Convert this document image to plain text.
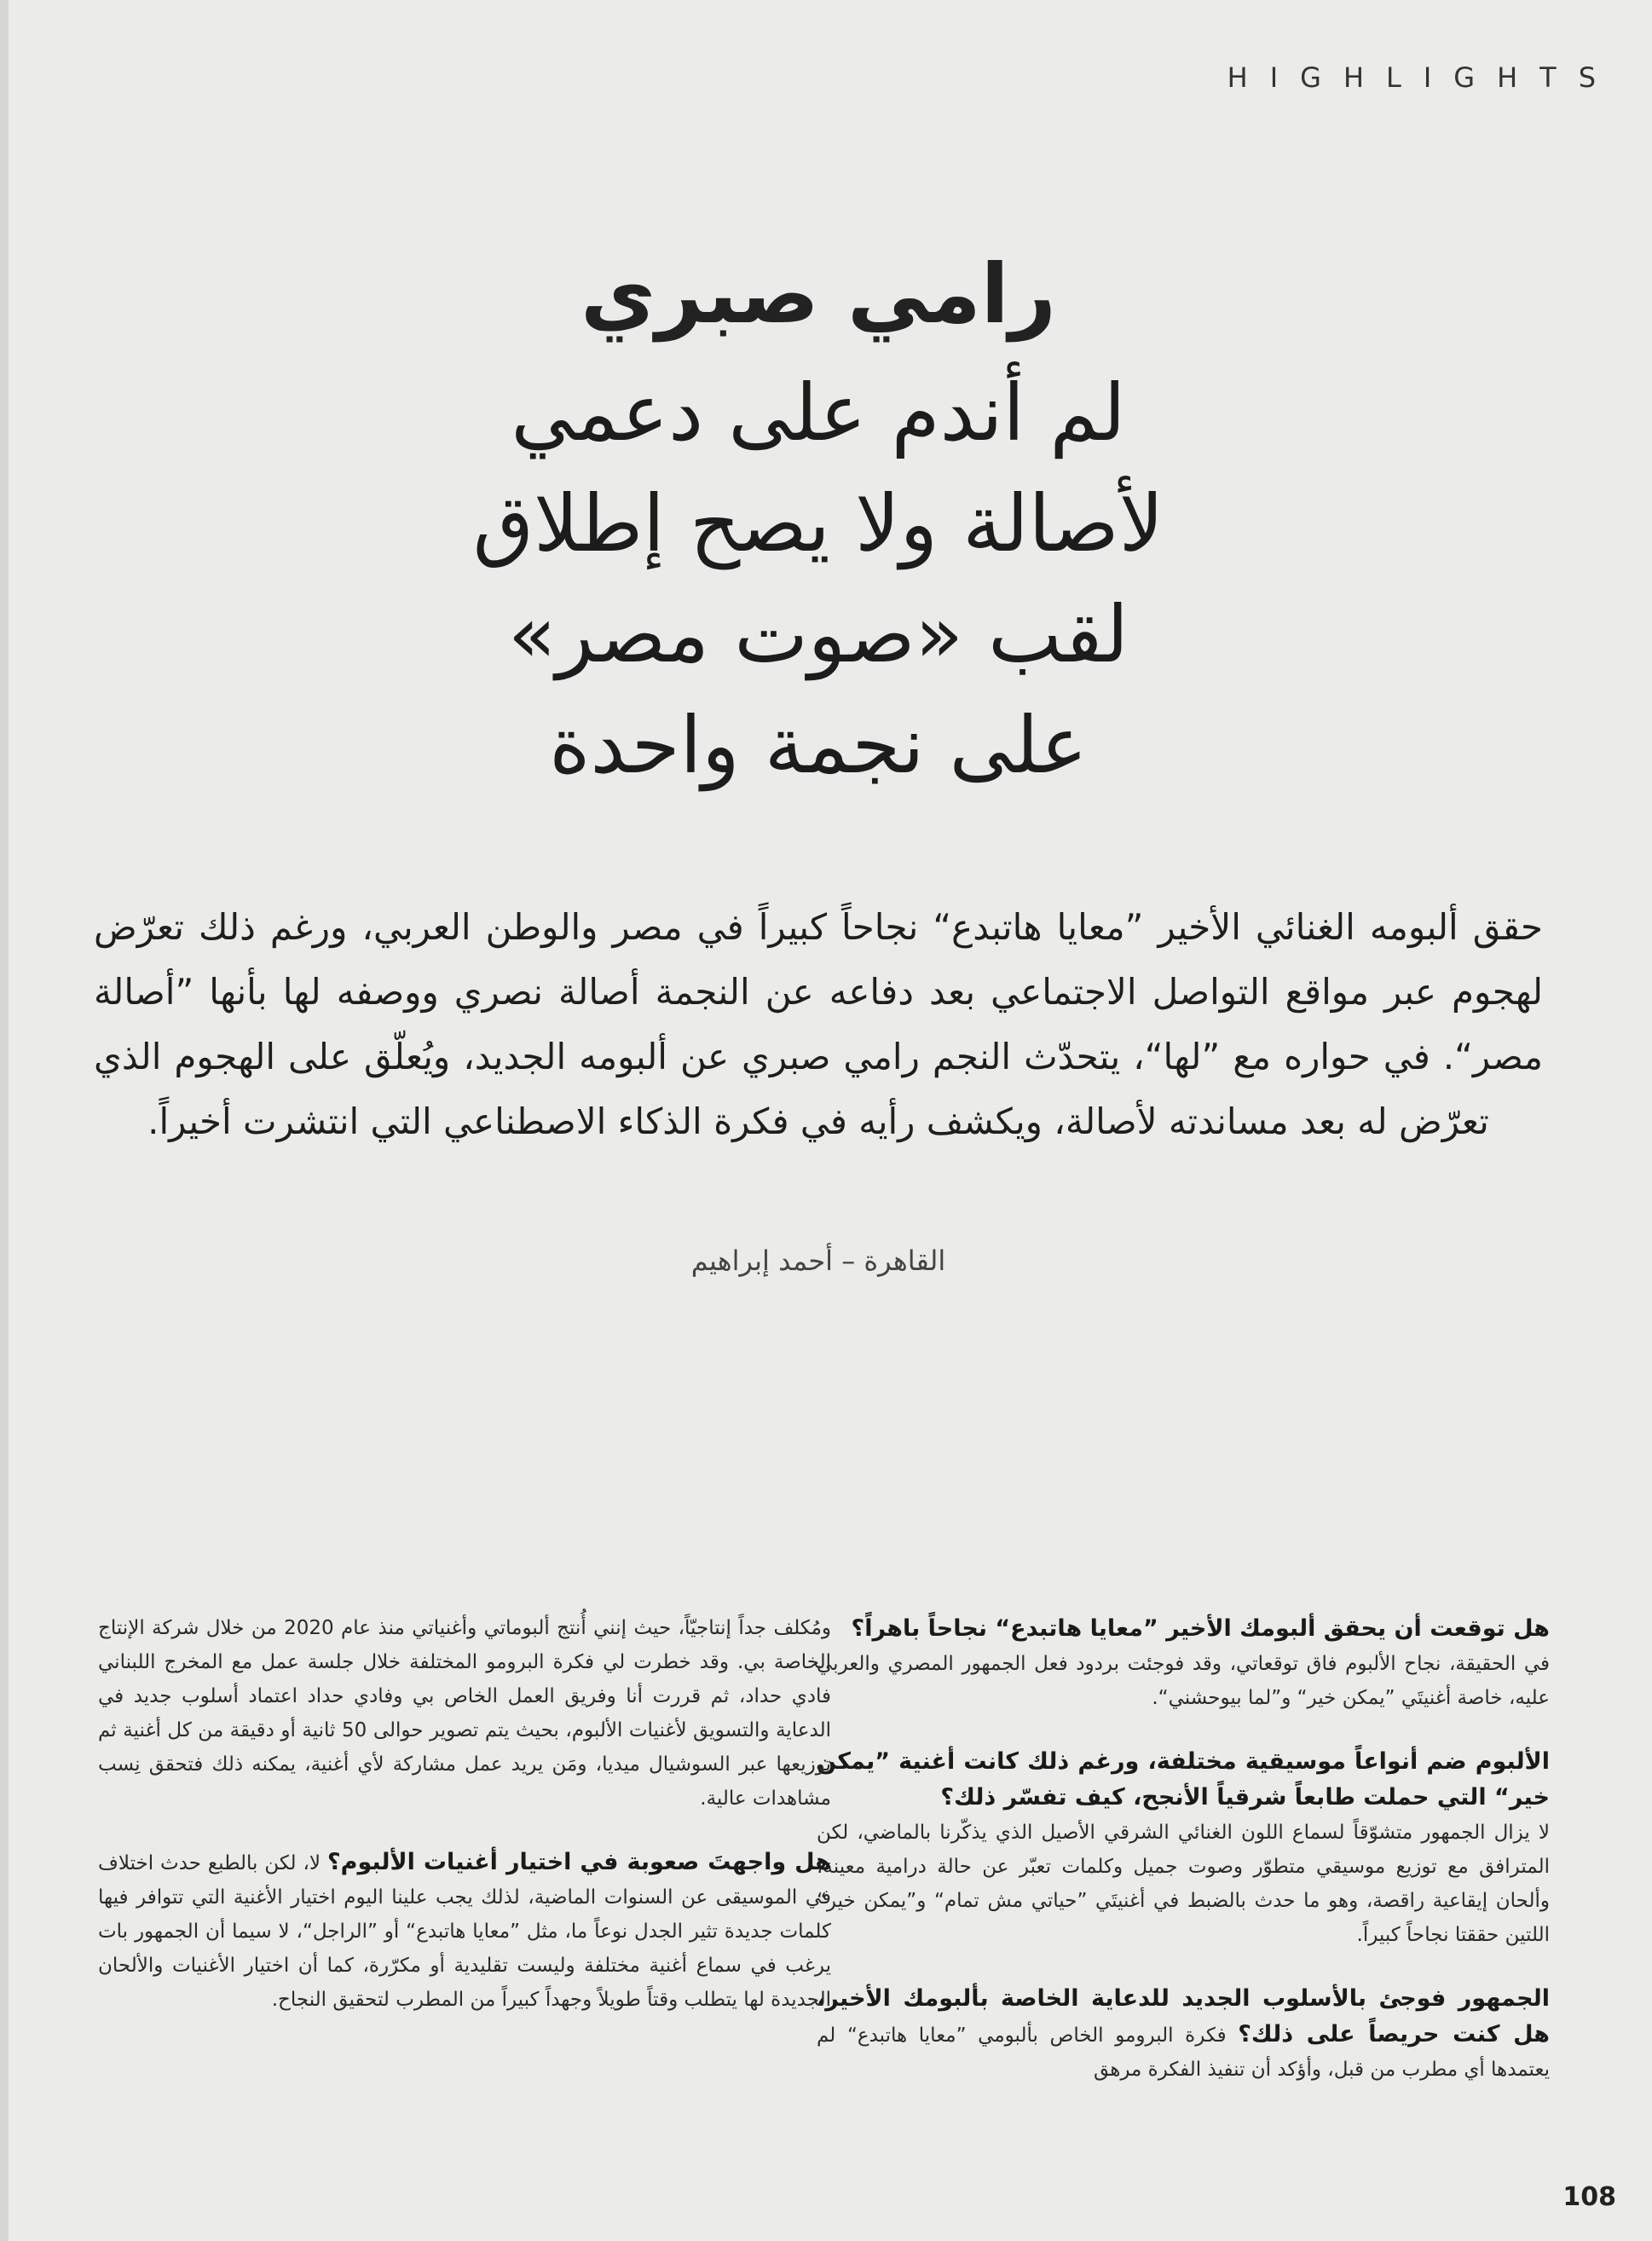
HIGHLIGHTS
رامي صبري
لم أندم على دعمي
لأصالة ولا يصح إطلاق
لقب «صوت مصر»
على نجمة واحدة

حقق ألبومه الغنائي الأخير ”معايا هاتبدع“ نجاحاً كبيراً في مصر والوطن العربي، ورغم ذلك تعرّض لهجوم عبر مواقع التواصل الاجتماعي بعد دفاعه عن النجمة أصالة نصري ووصفه لها بأنها ”أصالة مصر“. في حواره مع ”لها“، يتحدّث النجم رامي صبري عن ألبومه الجديد، ويُعلّق على الهجوم الذي تعرّض له بعد مساندته لأصالة، ويكشف رأيه في فكرة الذكاء الاصطناعي التي انتشرت أخيراً.

القاهرة – أحمد إبراهيم

هل توقعت أن يحقق ألبومك الأخير ”معايا هاتبدع“ نجاحاً باهراً؟
في الحقيقة، نجاح الألبوم فاق توقعاتي، وقد فوجئت بردود فعل الجمهور المصري والعربي عليه، خاصة أغنيتَي ”يمكن خير“ و”لما بيوحشني“.
الألبوم ضم أنواعاً موسيقية مختلفة، ورغم ذلك كانت أغنية ”يمكن خير“ التي حملت طابعاً شرقياً الأنجح، كيف تفسّر ذلك؟
لا يزال الجمهور متشوّقاً لسماع اللون الغنائي الشرقي الأصيل الذي يذكّرنا بالماضي، لكن المترافق مع توزيع موسيقي متطوّر وصوت جميل وكلمات تعبّر عن حالة درامية معينة، وألحان إيقاعية راقصة، وهو ما حدث بالضبط في أغنيتَي ”حياتي مش تمام“ و”يمكن خير“ اللتين حققتا نجاحاً كبيراً.
الجمهور فوجئ بالأسلوب الجديد للدعاية الخاصة بألبومك الأخير، هل كنت حريصاً على ذلك؟ فكرة البرومو الخاص بألبومي ”معايا هاتبدع“ لم يعتمدها أي مطرب من قبل، وأؤكد أن تنفيذ الفكرة مرهق
ومُكلف جداً إنتاجيّاً، حيث إنني أُنتج ألبوماتي وأغنياتي منذ عام 2020 من خلال شركة الإنتاج الخاصة بي. وقد خطرت لي فكرة البرومو المختلفة خلال جلسة عمل مع المخرج اللبناني فادي حداد، ثم قررت أنا وفريق العمل الخاص بي وفادي حداد اعتماد أسلوب جديد في الدعاية والتسويق لأغنيات الألبوم، بحيث يتم تصوير حوالى 50 ثانية أو دقيقة من كل أغنية ثم توزيعها عبر السوشيال ميديا، ومَن يريد عمل مشاركة لأي أغنية، يمكنه ذلك فتحقق نِسب مشاهدات عالية.
هل واجهتَ صعوبة في اختيار أغنيات الألبوم؟ لا، لكن بالطبع حدث اختلاف في الموسيقى عن السنوات الماضية، لذلك يجب علينا اليوم اختيار الأغنية التي تتوافر فيها كلمات جديدة تثير الجدل نوعاً ما، مثل ”معايا هاتبدع“ أو ”الراجل“، لا سيما أن الجمهور بات يرغب في سماع أغنية مختلفة وليست تقليدية أو مكرّرة، كما أن اختيار الأغنيات والألحان الجديدة لها يتطلب وقتاً طويلاً وجهداً كبيراً من المطرب لتحقيق النجاح.
108
